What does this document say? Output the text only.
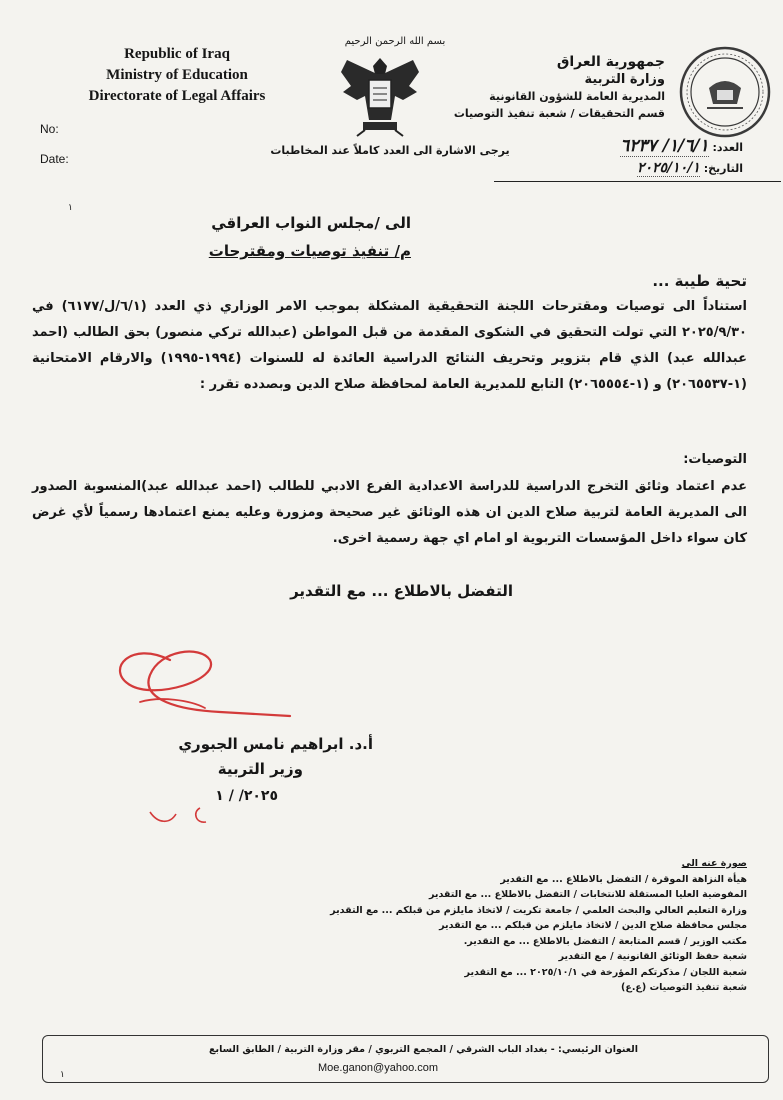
Republic of Iraq
Ministry of Education
Directorate of Legal Affairs
No:
Date:
بسم الله الرحمن الرحيم
يرجى الاشارة الى العدد كاملاً عند المخاطبات
جمهورية العراق
وزارة التربية
المديرية العامة للشؤون القانونية
قسم التحقيقات / شعبة تنفيذ التوصيات
العدد: ١/٦/١/ ٦٢٣٧
التاريخ: ٢٠٢٥/١٠/١
١
الى /مجلس النواب العراقي
م/ تنفيذ توصيات ومقترحات
تحية طيبة ...
استناداً الى توصيات ومقترحات اللجنة التحقيقية المشكلة بموجب الامر الوزاري ذي العدد (٦/١/ل/٦١٧٧) في ٢٠٢٥/٩/٣٠ التي تولت التحقيق في الشكوى المقدمة من قبل المواطن (عبدالله تركي منصور) بحق الطالب (احمد عبدالله عبد) الذي قام بتزوير وتحريف النتائج الدراسية العائدة له للسنوات (١٩٩٤-١٩٩٥) والارقام الامتحانية (١-٢٠٦٥٥٣٧) و (١-٢٠٦٥٥٥٤) التابع للمديرية العامة لمحافظة صلاح الدين وبصدده تقرر :
التوصيات:
عدم اعتماد وثائق التخرج الدراسية للدراسة الاعدادية الفرع الادبي للطالب (احمد عبدالله عبد)المنسوبة الصدور الى المديرية العامة لتربية صلاح الدين ان هذه الوثائق غير صحيحة ومزورة وعليه يمنع اعتمادها رسمياً لأي غرض كان سواء داخل المؤسسات التربوية او امام اي جهة رسمية اخرى.
التفضل بالاطلاع ... مع التقدير
أ.د. ابراهيم نامس الجبوري
وزير التربية
٢٠٢٥/ / ١
صورة عنه الى
هيأة النزاهة الموقرة / التفضل بالاطلاع ... مع التقدير
المفوضية العليا المستقلة للانتخابات / التفضل بالاطلاع ... مع التقدير
وزارة التعليم العالي والبحث العلمي / جامعة تكريت / لاتخاذ مايلزم من قبلكم ... مع التقدير
مجلس محافظة صلاح الدين / لاتخاذ مايلزم من قبلكم ... مع التقدير
مكتب الوزير / قسم المتابعة / التفضل بالاطلاع ... مع التقدير.
شعبة حفظ الوثائق القانونية / مع التقدير
شعبة اللجان / مذكرتكم المؤرخة في ٢٠٢٥/١٠/١ ... مع التقدير
شعبة تنفيذ التوصيات (ع.ع)
العنوان الرئيسي: - بغداد الباب الشرقي / المجمع التربوي / مقر وزارة التربية / الطابق السابع
Moe.ganon@yahoo.com
١
